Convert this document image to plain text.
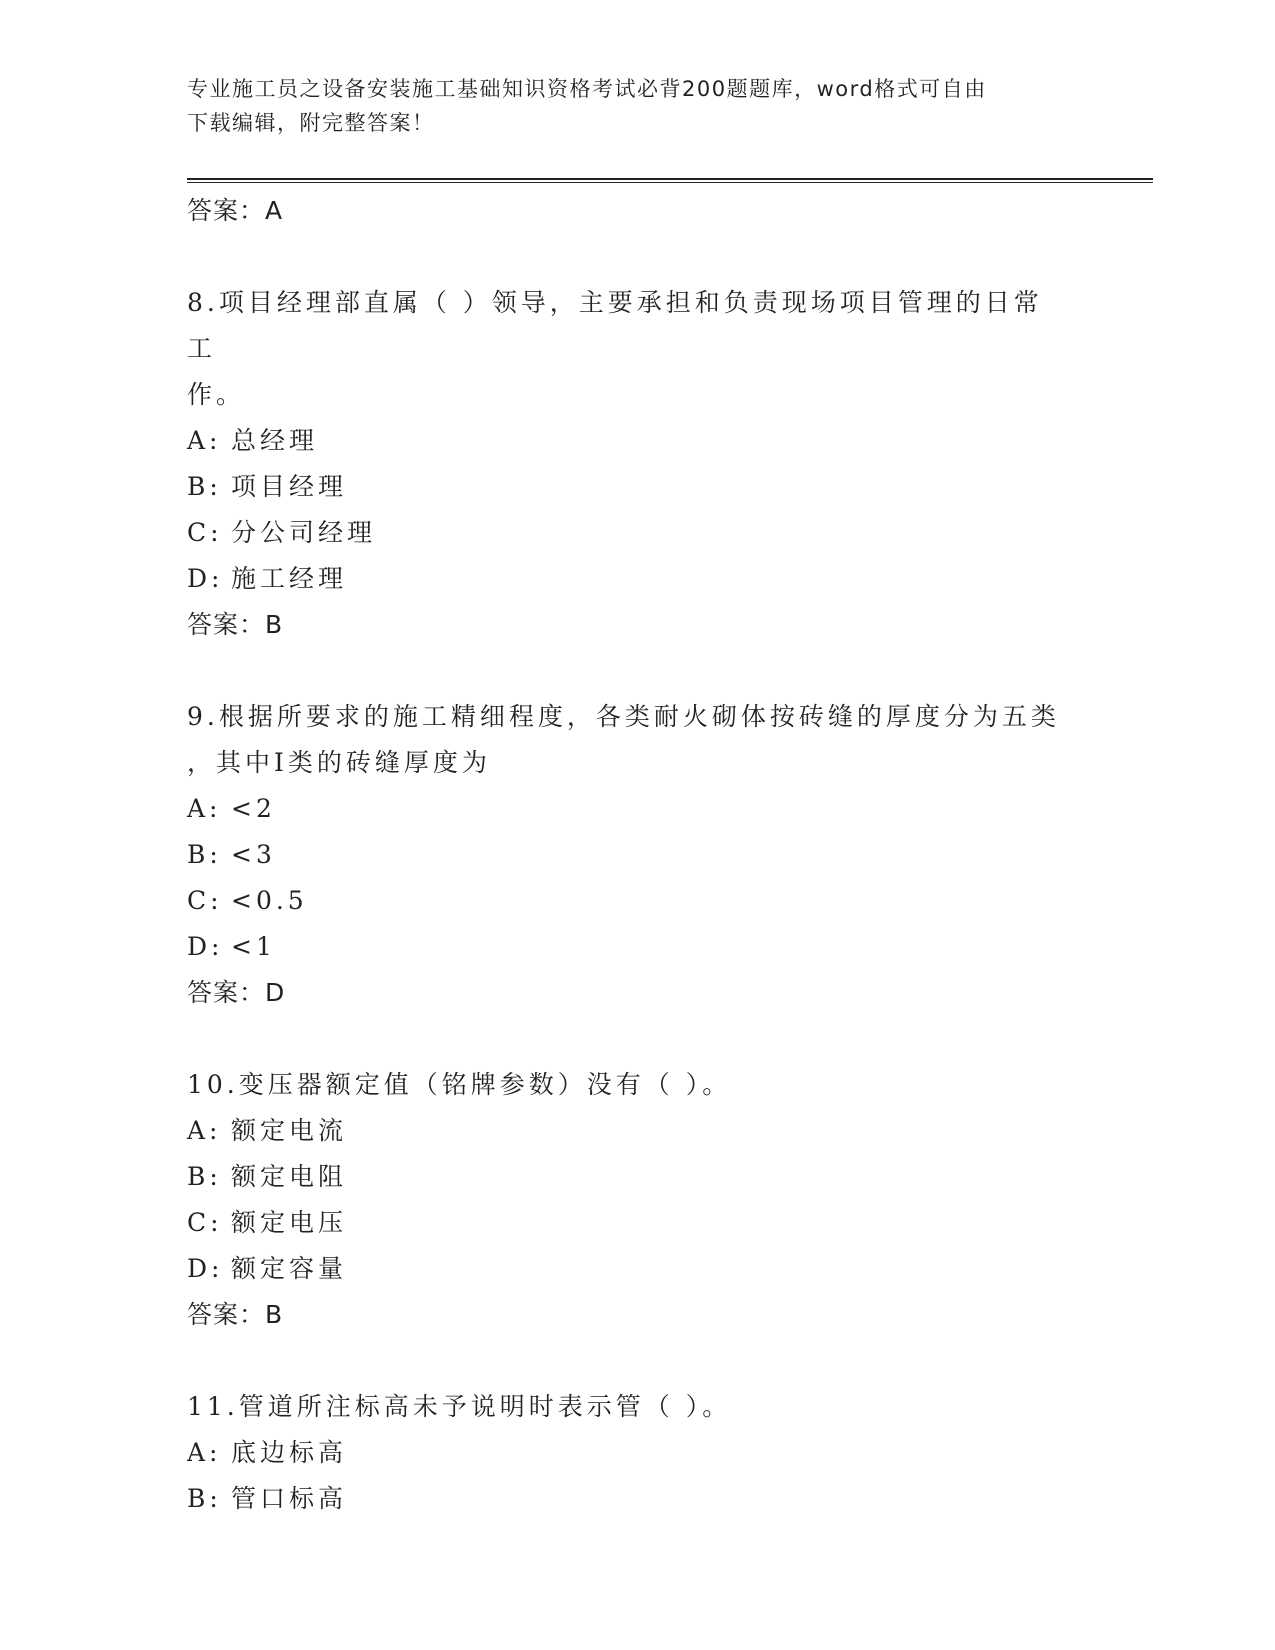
专业施工员之设备安装施工基础知识资格考试必背200题题库，word格式可自由
下载编辑，附完整答案！
答案：A
8.项目经理部直属（ ）领导，主要承担和负责现场项目管理的日常工
作。
A: 总经理
B: 项目经理
C: 分公司经理
D: 施工经理
答案：B
9.根据所要求的施工精细程度，各类耐火砌体按砖缝的厚度分为五类
，其中I类的砖缝厚度为
A: <2
B: <3
C: <0.5
D: <1
答案：D
10.变压器额定值（铭牌参数）没有（ ）。
A: 额定电流
B: 额定电阻
C: 额定电压
D: 额定容量
答案：B
11.管道所注标高未予说明时表示管（ ）。
A: 底边标高
B: 管口标高
